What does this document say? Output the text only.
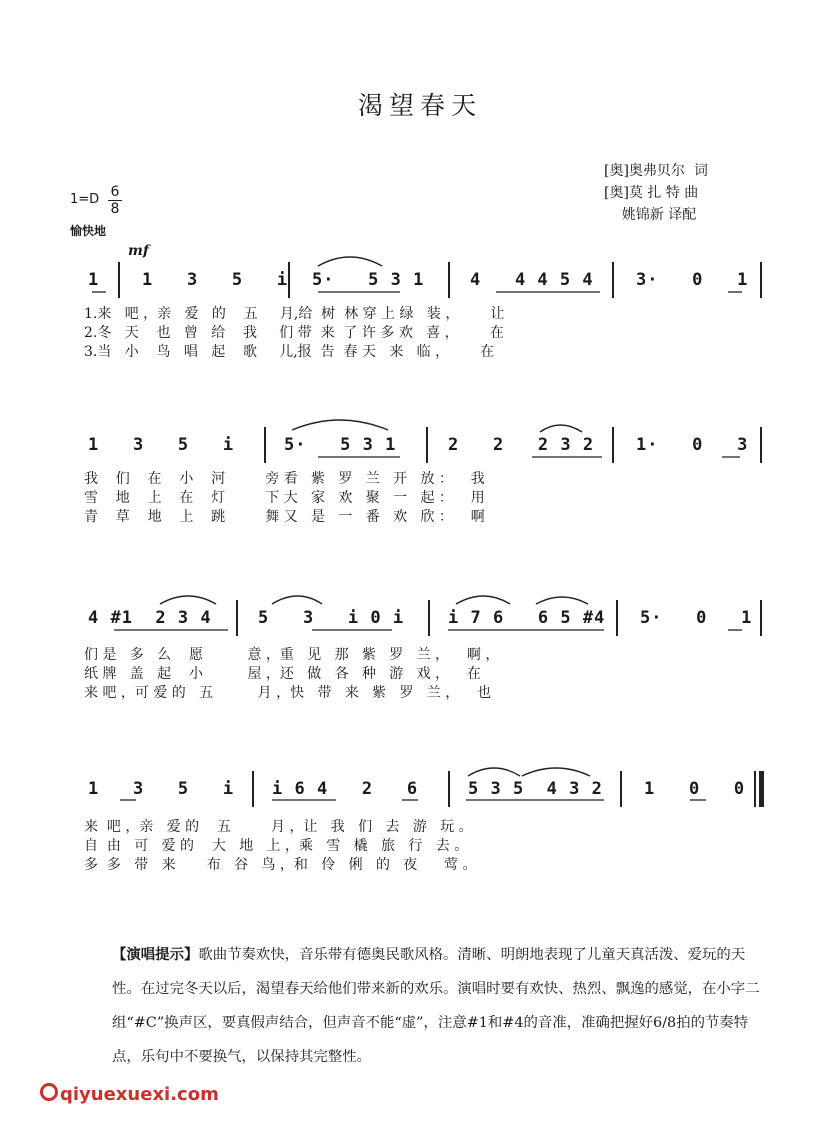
渴望春天
[奥]奥弗贝尔  词
[奥]莫 扎 特 曲
姚锦新 译配
1=D 6
8
愉快地
mf
1	1   3   5   i 5·   5 3 1	4   4 4 5 4 3·   0   1
1.来   吧 ，亲   爱   的    五     月,给  树  林 穿 上 绿   装 ，       让
2.冬   天    也   曾   给    我     们 带  来  了 许 多 欢   喜 ，       在
3.当   小    鸟   唱   起    歌     儿,报  告  春 天   来   临 ，       在
1   3   5   i	5·   5 3 1	2   2   2 3 2 1·   0   3
我    们    在    小    河         旁 看   紫   罗   兰   开   放 ：    我
雪    地    上    在    灯         下 大   家   欢   聚   一   起 ：    用
青    草    地    上    跳         舞 又   是   一   番   欢   欣 ：    啊
4 #1  2 3 4	5   3   i 0 i	i 7 6   6 5 #4 5·   0   1
们 是   多   么    愿          意 ，重   见   那   紫   罗   兰 ，    啊 ，
纸 牌   盖   起    小          屋 ，还   做   各   种   游   戏 ，    在
来 吧 ，可 爱 的   五          月 ，快   带   来   紫   罗   兰 ，    也
1   3   5   i i 6 4   2   6	5 3 5  4 3 2 1   0   0
来  吧 ，亲   爱 的    五         月 ，让   我   们   去   游   玩 。
自  由   可   爱 的    大   地   上 ，乘   雪   橇   旅   行   去 。
多  多   带   来       布   谷   鸟 ，和   伶   俐   的   夜      莺 。
【演唱提示】歌曲节奏欢快，音乐带有德奥民歌风格。清晰、明朗地表现了儿童天真活泼、爱玩的天性。在过完冬天以后，渴望春天给他们带来新的欢乐。演唱时要有欢快、热烈、飘逸的感觉，在小字二组“#C”换声区，要真假声结合，但声音不能“虚”，注意#1和#4的音准，准确把握好6/8拍的节奏特点，乐句中不要换气，以保持其完整性。
qiyuexuexi.com
